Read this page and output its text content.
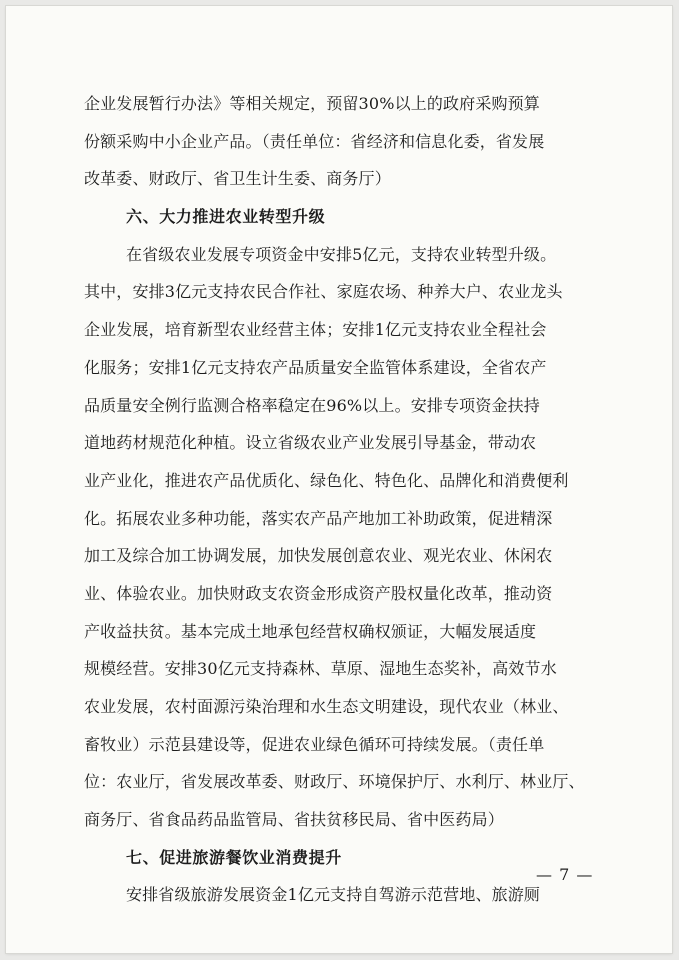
企业发展暂行办法》等相关规定，预留30%以上的政府采购预算
份额采购中小企业产品。（责任单位：省经济和信息化委，省发展
改革委、财政厅、省卫生计生委、商务厅）
六、大力推进农业转型升级
在省级农业发展专项资金中安排5亿元，支持农业转型升级。
其中，安排3亿元支持农民合作社、家庭农场、种养大户、农业龙头
企业发展，培育新型农业经营主体；安排1亿元支持农业全程社会
化服务；安排1亿元支持农产品质量安全监管体系建设，全省农产
品质量安全例行监测合格率稳定在96%以上。安排专项资金扶持
道地药材规范化种植。设立省级农业产业发展引导基金，带动农
业产业化，推进农产品优质化、绿色化、特色化、品牌化和消费便利
化。拓展农业多种功能，落实农产品产地加工补助政策，促进精深
加工及综合加工协调发展，加快发展创意农业、观光农业、休闲农
业、体验农业。加快财政支农资金形成资产股权量化改革，推动资
产收益扶贫。基本完成土地承包经营权确权颁证，大幅发展适度
规模经营。安排30亿元支持森林、草原、湿地生态奖补，高效节水
农业发展，农村面源污染治理和水生态文明建设，现代农业（林业、
畜牧业）示范县建设等，促进农业绿色循环可持续发展。（责任单
位：农业厅，省发展改革委、财政厅、环境保护厅、水利厅、林业厅、
商务厅、省食品药品监管局、省扶贫移民局、省中医药局）
七、促进旅游餐饮业消费提升
安排省级旅游发展资金1亿元支持自驾游示范营地、旅游厕
— 7 —
